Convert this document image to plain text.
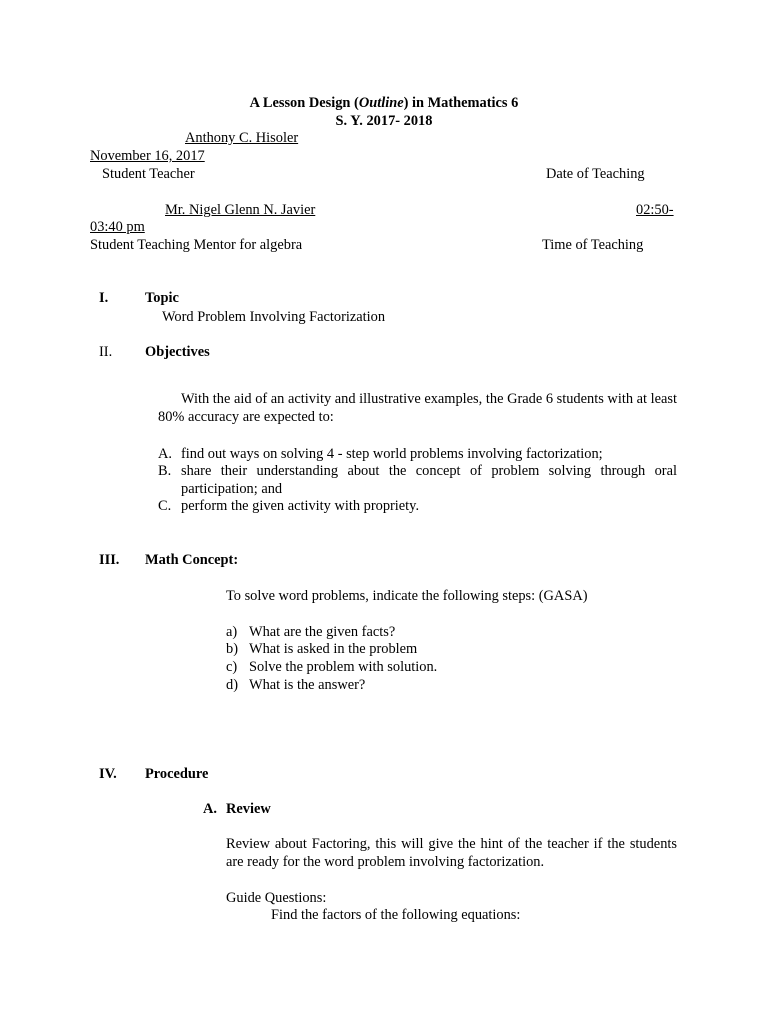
A Lesson Design (Outline) in Mathematics 6
S. Y. 2017- 2018
Anthony C. Hisoler
November 16, 2017
Student Teacher	Date of Teaching
Mr. Nigel Glenn N. Javier	02:50-
03:40 pm
Student Teaching Mentor for algebra	Time of Teaching
I.	Topic
Word Problem Involving Factorization
II. Objectives
With the aid of an activity and illustrative examples, the Grade 6 students with at least 80% accuracy are expected to:
A. find out ways on solving 4 - step world problems involving factorization;
B. share their understanding about the concept of problem solving through oral participation; and
C. perform the given activity with propriety.
III. Math Concept:
To solve word problems, indicate the following steps: (GASA)
a) What are the given facts?
b) What is asked in the problem
c) Solve the problem with solution.
d) What is the answer?
IV. Procedure
A. Review
Review about Factoring, this will give the hint of the teacher if the students are ready for the word problem involving factorization.
Guide Questions:
Find the factors of the following equations:
